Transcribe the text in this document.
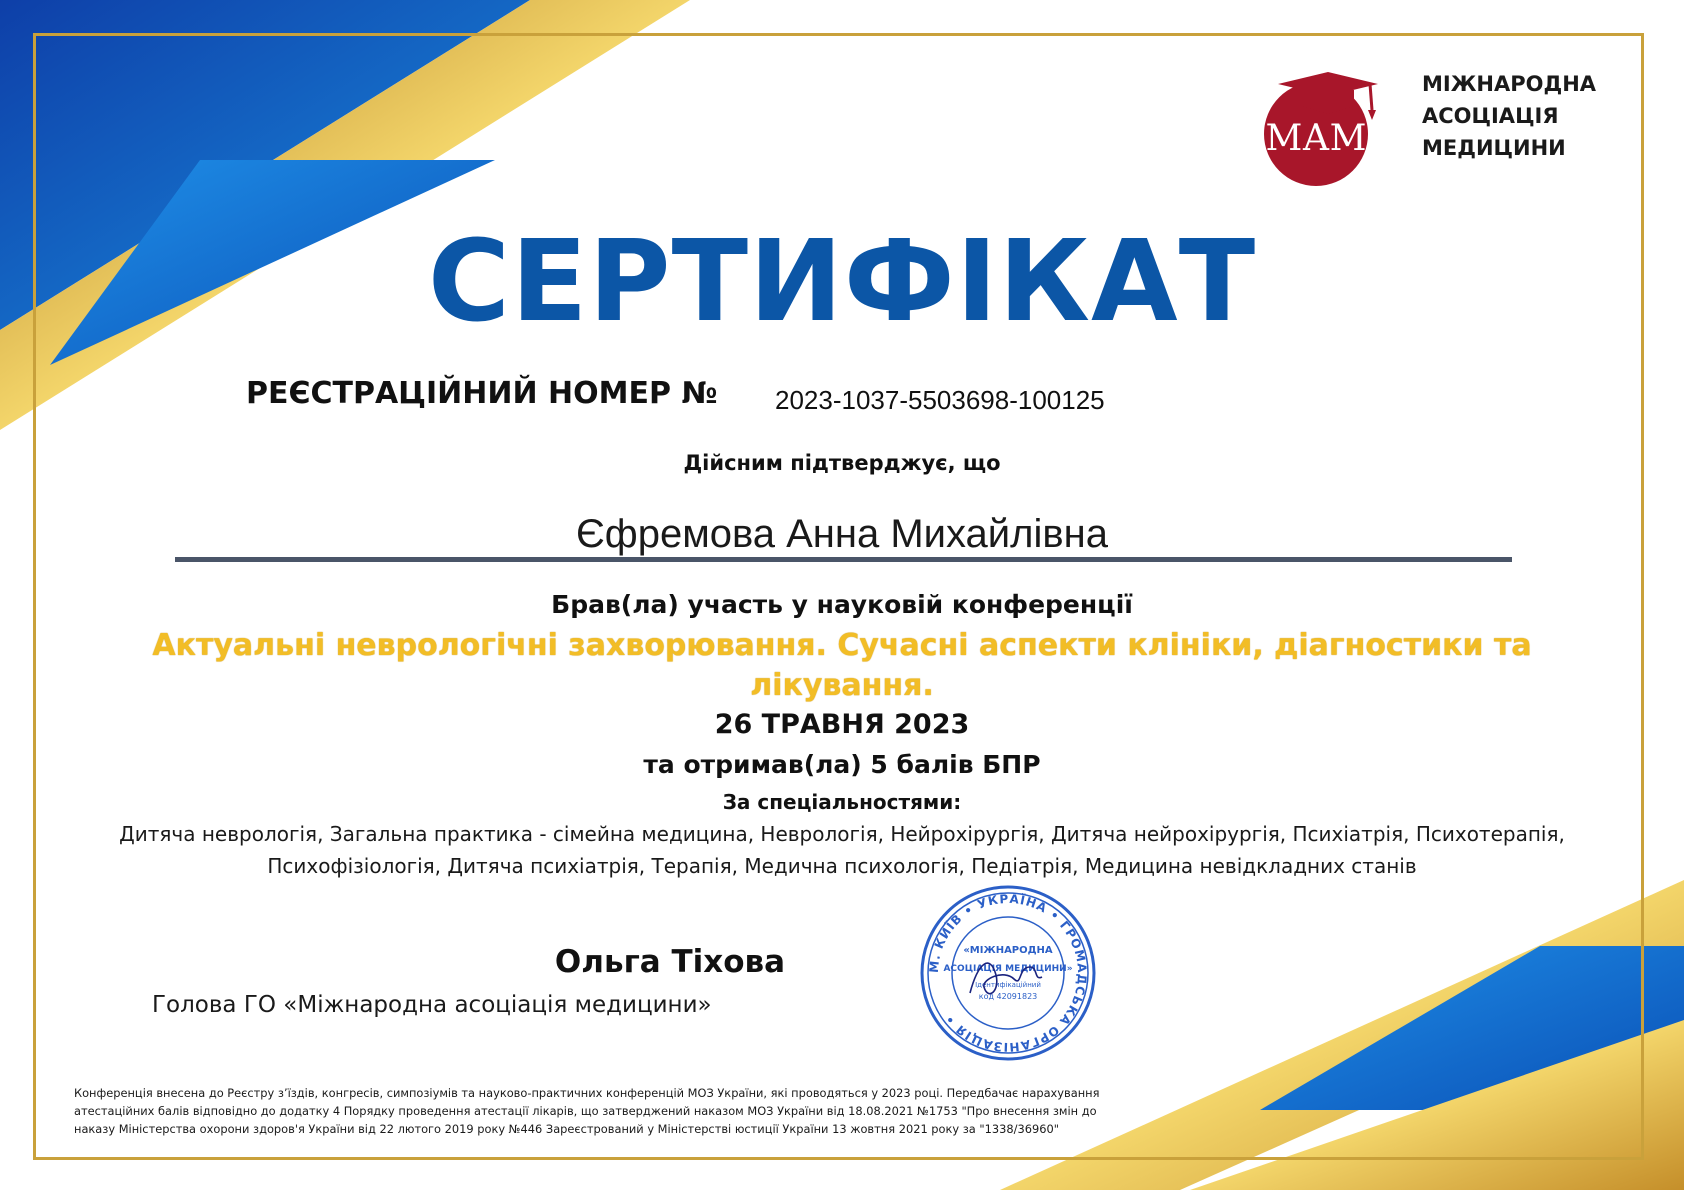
МАМ
МІЖНАРОДНА
АСОЦІАЦІЯ
МЕДИЦИНИ
СЕРТИФІКАТ
РЕЄСТРАЦІЙНИЙ НОМЕР № 2023-1037-5503698-100125
Дійсним підтверджує, що
Єфремова Анна Михайлівна
Брав(ла) участь у науковій конференції
Актуальні неврологічні захворювання. Сучасні аспекти клініки, діагностики та лікування.
26 ТРАВНЯ 2023
та отримав(ла) 5 балів БПР
За спеціальностями:
Дитяча неврологія, Загальна практика - сімейна медицина, Неврологія, Нейрохірургія, Дитяча нейрохірургія, Психіатрія, Психотерапія,
Психофізіологія, Дитяча психіатрія, Терапія, Медична психологія, Педіатрія, Медицина невідкладних станів
Ольга Тіхова
Голова ГО «Міжнародна асоціація медицини»
М. КИЇВ • УКРАЇНА • ГРОМАДСЬКА ОРГАНІЗАЦІЯ •
«МІЖНАРОДНА
АСОЦІАЦІЯ МЕДИЦИНИ»
Ідентифікаційний
код 42091823
Конференція внесена до Реєстру з’їздів, конгресів, симпозіумів та науково-практичних конференцій МОЗ України, які проводяться у 2023 році. Передбачає нарахування
атестаційних балів відповідно до додатку 4 Порядку проведення атестації лікарів, що затверджений наказом МОЗ України від 18.08.2021 №1753 "Про внесення змін до
наказу Міністерства охорони здоров'я України від 22 лютого 2019 року №446 Зареєстрований у Міністерстві юстиції України 13 жовтня 2021 року за "1338/36960"
